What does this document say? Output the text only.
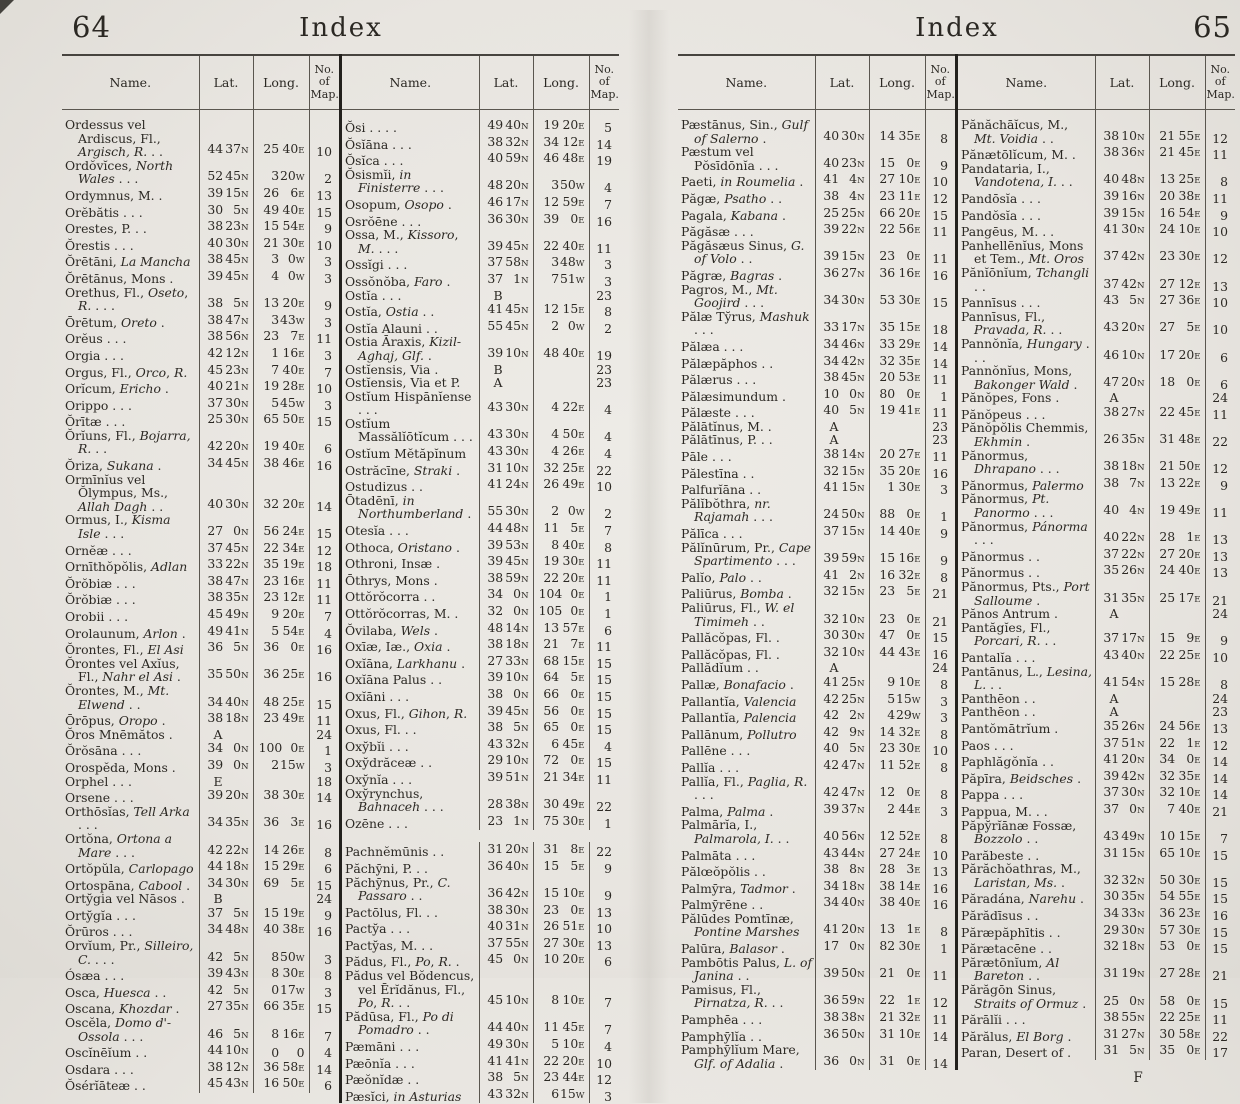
64	Index
Name.	Lat.	Long.	No. of Map.

Ordessus vel Ardiscus, Fl., Argisch, R. . .	44 37N	25 40E	10

Ordŏvĭces, North Wales . . .	52 45N	320W	2

Ordymnus, M. .	39 15N	26 6E	13

Orĕbătis . . .	30 5N	49 40E	15

Orestes, P. . .	38 23N	15 54E	9

Ŏrestis . . .	40 30N	21 30E	10

Ŏrētāni, La Mancha	38 45N	3 0W	3

Ŏrētānus, Mons .	39 45N	4 0W	3

Orethus, Fl., Oseto, R. . . .	38 5N	13 20E	9

Ōrētum, Oreto .	38 47N	343W	3

Orĕus . . .	38 56N	23 7E	11

Orgia . . .	42 12N	1 16E	3

Orgus, Fl., Orco, R.	45 23N	7 40E	7

Orĭcum, Ericho .	40 21N	19 28E	10

Orippo . . .	37 30N	545W	3

Ŏrītæ . . .	25 30N	65 50E	15

Ŏrĭuns, Fl., Bojarra, R. . .	42 20N	19 40E	6

Ŏriza, Sukana .	34 45N	38 46E	16

Ormīnĭus vel Ŏlympus, Ms., Allah Dagh . .	40 30N	32 20E	14

Ormus, I., Kisma Isle . . .	27 0N	56 24E	15

Ornĕæ . . .	37 45N	22 34E	12

Ornīthŏpŏlis, Adlan	33 22N	35 19E	18

Ŏrŏbiæ . . .	38 47N	23 16E	11

Ŏrŏbiæ . . .	38 35N	23 12E	11

Orobii . . .	45 49N	9 20E	7

Orolaunum, Arlon .	49 41N	5 54E	4

Ŏrontes, Fl., El Asi	36 5N	36 0E	16

Ŏrontes vel Axĭus, Fl., Nahr el Asi .	35 50N	36 25E	16

Ŏrontes, M., Mt. Elwend . .	34 40N	48 25E	15

Ōrōpus, Oropo .	38 18N	23 49E	11

Ŏros Mnēmătos .	A		24

Ŏrŏsāna . . .	34 0N	100 0E	1

Orospĕda, Mons .	39 0N	215W	3

Orphel . . .	E		18

Orsene . . .	39 20N	38 30E	14

Orthōsĭas, Tell Arka . . .	34 35N	36 3E	16

Ortŏna, Ortona a Mare . . .	42 22N	14 26E	8

Ortŏpŭla, Carlopago	44 18N	15 29E	6

Ortospāna, Cabool .	34 30N	69 5E	15

Orty̆gia vel Nāsos .	B		24

Orty̆gĭa . . .	37 5N	15 19E	9

Ŏrūros . . .	34 48N	40 38E	16

Orvĭum, Pr., Silleiro, C. . . .	42 5N	850W	3

Ósæa . . .	39 43N	8 30E	8

Osca, Huesca . .	42 5N	017W	3

Oscana, Khozdar .	27 35N	66 35E	15

Oscĕla, Domo d'-Ossola . . .	46 5N	8 16E	7

Oscĭnēĭum . .	44 10N	0 0	4

Osdara . . .	38 12N	36 58E	14

Ŏsérĭāteæ . .	45 43N	16 50E	6
Name.	Lat.	Long.	No. of Map.

Ŏsi . . . .	49 40N	19 20E	5

Ŏsĭāna . . .	38 32N	34 12E	14

Ŏsĭca . . .	40 59N	46 48E	19

Ŏsismĭi, in Finisterre . . .	48 20N	350W	4

Osopum, Osopo .	46 17N	12 59E	7

Osrŏēne . . .	36 30N	39 0E	16

Ossa, M., Kissoro, M. . . .	39 45N	22 40E	11

Ossĭgi . . .	37 58N	348W	3

Ossŏnŏba, Faro .	37 1N	751W	3

Ostĭa . . .	B		23

Ostĭa, Ostia . .	41 45N	12 15E	8

Ostĭa Alauni . .	55 45N	2 0W	2

Ostia Āraxis, Kizil-Aghaj, Glf. .	39 10N	48 40E	19

Ostĭensis, Via .	B		23

Ostĭensis, Via et P.	A		23

Ostĭum Hispānĭense . . .	43 30N	4 22E	4

Ostĭum Massălĭōtĭcum . . .	43 30N	4 50E	4

Ostĭum Mĕtăpĭnum	43 30N	4 26E	4

Ostrăcīne, Straki .	31 10N	32 25E	22

Ostudizus . .	41 24N	26 49E	10

Ōtadēnī, in Northumberland .	55 30N	2 0W	2

Otesĭa . . .	44 48N	11 5E	7

Othoca, Oristano .	39 53N	8 40E	8

Othroni, Insæ .	39 45N	19 30E	11

Ōthrys, Mons .	38 59N	22 20E	11

Ottŏrŏcorra . .	34 0N	104 0E	1

Ottŏrŏcorras, M. .	32 0N	105 0E	1

Ŏvilaba, Wels .	48 14N	13 57E	6

Oxīæ, Iæ., Oxia .	38 18N	21 7E	11

Oxĭāna, Larkhanu .	27 33N	68 15E	15

Oxĭāna Palus . .	39 10N	64 5E	15

Oxĭāni . . .	38 0N	66 0E	15

Oxus, Fl., Gihon, R.	39 45N	56 0E	15

Oxus, Fl. . .	38 5N	65 0E	15

Oxy̆bĭi . . .	43 32N	6 45E	4

Oxy̆drăceæ . .	29 10N	72 0E	15

Oxy̆nĭa . . .	39 51N	21 34E	11

Oxy̆rynchus, Bahnaceh . . .	28 38N	30 49E	22

Ozēne . . .	23 1N	75 30E	1

Pachnĕmūnis . .	31 20N	31 8E	22

Păchȳni, P. . .	36 40N	15 5E	9

Păchȳnus, Pr., C. Passaro . .	36 42N	15 10E	9

Pactōlus, Fl. . .	38 30N	23 0E	13

Pacty̆a . . .	40 31N	26 51E	10

Pacty̆as, M. . .	37 55N	27 30E	13

Pădus, Fl., Po, R. .	45 0N	10 20E	6

Pădus vel Bŏdencus, vel Ērĭdănus, Fl., Po, R. . .	45 10N	8 10E	7

Pădūsa, Fl., Po di Pomadro . .	44 40N	11 45E	7

Pæmāni . . .	49 30N	5 10E	4

Pæōnĭa . . .	41 41N	22 20E	10

Pæŏnĭdæ . .	38 5N	23 44E	12

Pæsĭci, in Asturias	43 32N	615W	3
Index	65
Name.	Lat.	Long.	No. of Map.

Pæstānus, Sin., Gulf of Salerno .	40 30N	14 35E	8

Pæstum vel Pŏsīdōnĭa . . .	40 23N	15 0E	9

Paeti, in Roumelia .	41 4N	27 10E	10

Păgæ, Psatho . .	38 4N	23 11E	12

Pagala, Kabana .	25 25N	66 20E	15

Păgăsæ . . .	39 22N	22 56E	11

Păgăsæus Sinus, G. of Volo . .	39 15N	23 0E	11

Păgræ, Bagras .	36 27N	36 16E	16

Pagros, M., Mt. Goojird . . .	34 30N	53 30E	15

Pălæ Ty̆rus, Mashuk . . .	33 17N	35 15E	18

Pălæa . . .	34 46N	33 29E	14

Pălæpăphos . .	34 42N	32 35E	14

Pălærus . . .	38 45N	20 53E	11

Pălæsimundum .	10 0N	80 0E	1

Pălæste . . .	40 5N	19 41E	11

Pălātĭnus, M. .	A		23

Pălātīnus, P. . .	A		23

Pāle . . .	38 14N	20 27E	11

Pălestīna . .	32 15N	35 20E	16

Palfurĭāna . .	41 15N	1 30E	3

Pălĭbŏthra, nr. Rajamah . . .	24 50N	88 0E	1

Pălīca . . .	37 15N	14 40E	9

Pălĭnūrum, Pr., Cape Spartimento . . .	39 59N	15 16E	9

Palĭo, Palo . .	41 2N	16 32E	8

Paliūrus, Bomba .	32 15N	23 5E	21

Paliūrus, Fl., W. el Timimeh . .	32 10N	23 0E	21

Pallăcŏpas, Fl. .	30 30N	47 0E	15

Pallăcŏpas, Fl. .	32 10N	44 43E	16

Pallădĭum . .	A		24

Pallæ, Bonafacio .	41 25N	9 10E	8

Pallantĭa, Valencia	42 25N	515W	3

Pallantĭa, Palencia	42 2N	429W	3

Pallānum, Pollutro	42 9N	14 32E	8

Pallēne . . .	40 5N	23 30E	10

Pallĭa . . .	42 47N	11 52E	8

Pallĭa, Fl., Paglia, R. . . .	42 47N	12 0E	8

Palma, Palma .	39 37N	2 44E	3

Palmārĭa, I., Palmarola, I. . .	40 56N	12 52E	8

Palmāta . . .	43 44N	27 24E	10

Pălœŏpŏlis . .	38 8N	28 3E	13

Palmȳra, Tadmor .	34 18N	38 14E	16

Palmȳrēne . .	34 40N	38 40E	16

Pălūdes Pomtīnæ, Pontine Marshes	41 20N	13 1E	8

Palūra, Balasor .	17 0N	82 30E	1

Pambōtis Palus, L. of Janina . .	39 50N	21 0E	11

Pamisus, Fl., Pirnatza, R. . .	36 59N	22 1E	12

Pamphēa . . .	38 38N	21 32E	11

Pamphȳlĭa . .	36 50N	31 10E	14

Pamphȳlĭum Mare, Glf. of Adalia .	36 0N	31 0E	14
Name.	Lat.	Long.	No. of Map.

Pănăchāĭcus, M., Mt. Voidia . .	38 10N	21 55E	12

Pănætōlĭcum, M. .	38 36N	21 45E	11

Pandataria, I., Vandotena, I. . .	40 48N	13 25E	8

Pandōsĭa . . .	39 16N	20 38E	11

Pandŏsĭa . . .	39 15N	16 54E	9

Pangēus, M. . .	41 30N	24 10E	10

Panhellēnĭus, Mons et Tem., Mt. Oros	37 42N	23 30E	12

Pănĭōnĭum, Tchangli . .	37 42N	27 12E	13

Pannīsus . . .	43 5N	27 36E	10

Pannīsus, Fl., Pravada, R. . .	43 20N	27 5E	10

Pannŏnĭa, Hungary . . .	46 10N	17 20E	6

Pannŏnĭus, Mons, Bakonger Wald .	47 20N	18 0E	6

Pănŏpes, Fons .	A		24

Pănŏpeus . . .	38 27N	22 45E	11

Pănŏpŏlis Chemmis, Ekhmin .	26 35N	31 48E	22

Pănormus, Dhrapano . . .	38 18N	21 50E	12

Pănormus, Palermo	38 7N	13 22E	9

Pănormus, Pt. Panormo . . .	40 4N	19 49E	11

Pănormus, Pánorma . . .	40 22N	28 1E	13

Pănormus . .	37 22N	27 20E	13

Pănormus . .	35 26N	24 40E	13

Pănormus, Pts., Port Salloume .	31 35N	25 17E	21

Pănos Antrum .	A		24

Pantăgĭes, Fl., Porcari, R. . .	37 17N	15 9E	9

Pantalĭa . . .	43 40N	22 25E	10

Pantānus, L., Lesina, L. . .	41 54N	15 28E	8

Panthēon . .	A		24

Panthēon . .	A		23

Pantŏmātrĭum .	35 26N	24 56E	13

Paos . . .	37 51N	22 1E	12

Paphlăgŏnĭa . .	41 20N	34 0E	14

Păpīra, Beidsches .	39 42N	32 35E	14

Pappa . . .	37 30N	32 10E	14

Pappua, M. . .	37 0N	7 40E	21

Păpy̆rĭānæ Fossæ, Bozzolo . .	43 49N	10 15E	7

Parăbeste . .	31 15N	65 10E	15

Părăchŏathras, M., Laristan, Ms. .	32 32N	50 30E	15

Păradána, Narehu .	30 35N	54 55E	15

Părădīsus . .	34 33N	36 23E	16

Păræpăphītis . .	29 30N	57 30E	15

Părætacēne . .	32 18N	53 0E	15

Părætōnĭum, Al Bareton . .	31 19N	27 28E	21

Părăgōn Sinus, Straits of Ormuz .	25 0N	58 0E	15

Părālĭi . . .	38 55N	22 25E	11

Părălus, El Borg .	31 27N	30 58E	22

Paran, Desert of .	31 5N	35 0E	17
F
